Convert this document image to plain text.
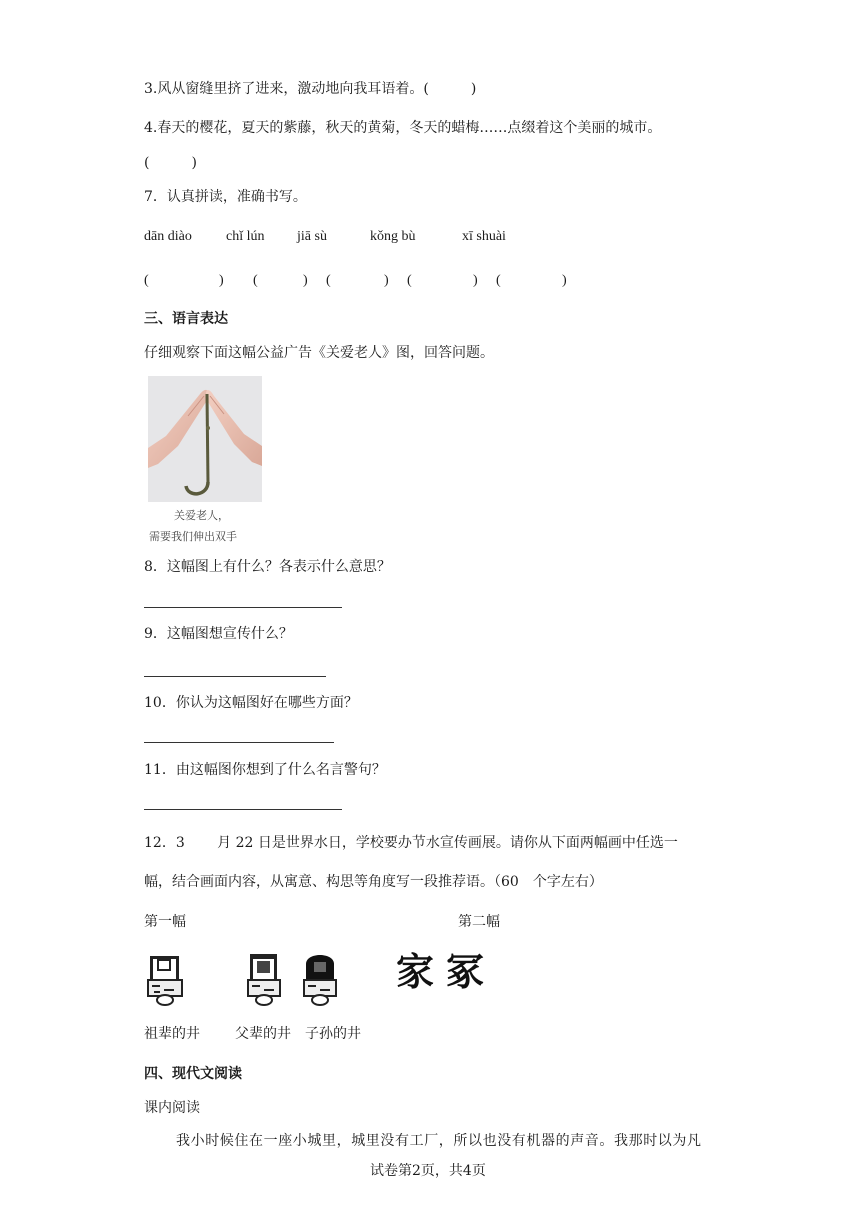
3.风从窗缝里挤了进来，激动地向我耳语着。(　　　)
4.春天的樱花，夏天的紫藤，秋天的黄菊，冬天的蜡梅……点缀着这个美丽的城市。
(　　　)
7．认真拼读，准确书写。
dān diào chǐ lún jiā sù	kǒng bù	xī shuài
(	) (	) (	) (	) (	)
三、语言表达
仔细观察下面这幅公益广告《关爱老人》图，回答问题。
关爱老人，
需要我们伸出双手
8．这幅图上有什么？各表示什么意思？
9．这幅图想宣传什么？
10．你认为这幅图好在哪些方面？
11．由这幅图你想到了什么名言警句？
12．3　　 月 22 日是世界水日，学校要办节水宣传画展。请你从下面两幅画中任选一
幅，结合画面内容，从寓意、构思等角度写一段推荐语。（60　个字左右）
第一幅	第二幅
家 冢
祖辈的井	父辈的井 子孙的井
四、现代文阅读
课内阅读
我小时候住在一座小城里，城里没有工厂，所以也没有机器的声音。我那时以为凡
试卷第2页，共4页
